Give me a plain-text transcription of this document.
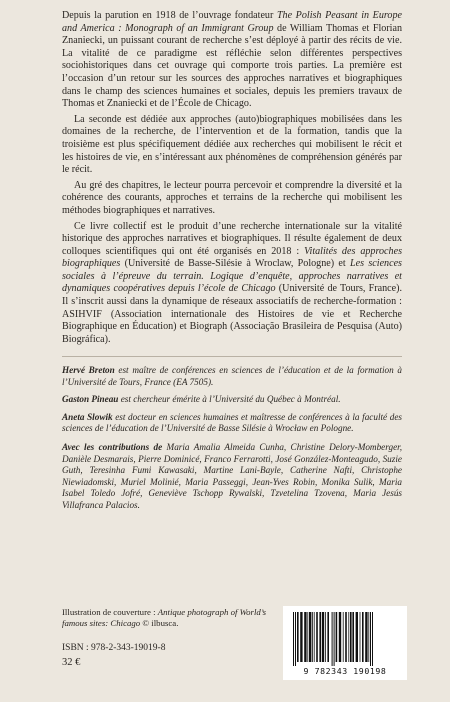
Depuis la parution en 1918 de l’ouvrage fondateur The Polish Peasant in Europe and America : Monograph of an Immigrant Group de William Thomas et Florian Znaniecki, un puissant courant de recherche s’est déployé à partir des récits de vie. La vitalité de ce paradigme est réfléchie selon différentes perspectives sociohistoriques dans cet ouvrage qui comporte trois parties. La première est l’occasion d’un retour sur les sources des approches narratives et biographiques dans le champ des sciences humaines et sociales, depuis les premiers travaux de Thomas et Znaniecki et de l’École de Chicago.

La seconde est dédiée aux approches (auto)biographiques mobilisées dans les domaines de la recherche, de l’intervention et de la formation, tandis que la troisième est plus spécifiquement dédiée aux recherches qui mobilisent le récit et les histoires de vie, en s’intéressant aux phénomènes de compréhension générés par le récit.

Au gré des chapitres, le lecteur pourra percevoir et comprendre la diversité et la cohérence des courants, approches et terrains de la recherche qui mobilisent les méthodes biographiques et narratives.

Ce livre collectif est le produit d’une recherche internationale sur la vitalité historique des approches narratives et biographiques. Il résulte également de deux colloques scientifiques qui ont été organisés en 2018 : Vitalités des approches biographiques (Université de Basse-Silésie à Wroclaw, Pologne) et Les sciences sociales à l’épreuve du terrain. Logique d’enquête, approches narratives et dynamiques coopératives depuis l’école de Chicago (Université de Tours, France). Il s’inscrit aussi dans la dynamique de réseaux associatifs de recherche-formation : ASIHVIF (Association internationale des Histoires de vie et Recherche Biographique en Éducation) et Biograph (Associação Brasileira de Pesquisa (Auto) Biográfica).

Hervé Breton est maître de conférences en sciences de l’éducation et de la formation à l’Université de Tours, France (EA 7505).

Gaston Pineau est chercheur émérite à l’Université du Québec à Montréal.

Aneta Slowik est docteur en sciences humaines et maîtresse de conférences à la faculté des sciences de l’éducation de l’Université de Basse Silésie à Wrocław en Pologne.

Avec les contributions de Maria Amalia Almeida Cunha, Christine Delory-Momberger, Danièle Desmarais, Pierre Dominicé, Franco Ferrarotti, José González-Monteagudo, Suzie Guth, Teresinha Fumi Kawasaki, Martine Lani-Bayle, Catherine Nafti, Christophe Niewiadomski, Muriel Molinié, Maria Passeggi, Jean-Yves Robin, Monika Sulik, Maria Isabel Toledo Jofré, Geneviève Tschopp Rywalski, Tzvetelina Tzovena, Maria Jesús Villafranca Palacios.

Illustration de couverture : Antique photograph of World’s famous sites: Chicago © ilbusca.

ISBN : 978-2-343-19019-8

32 €

9 782343 190198
